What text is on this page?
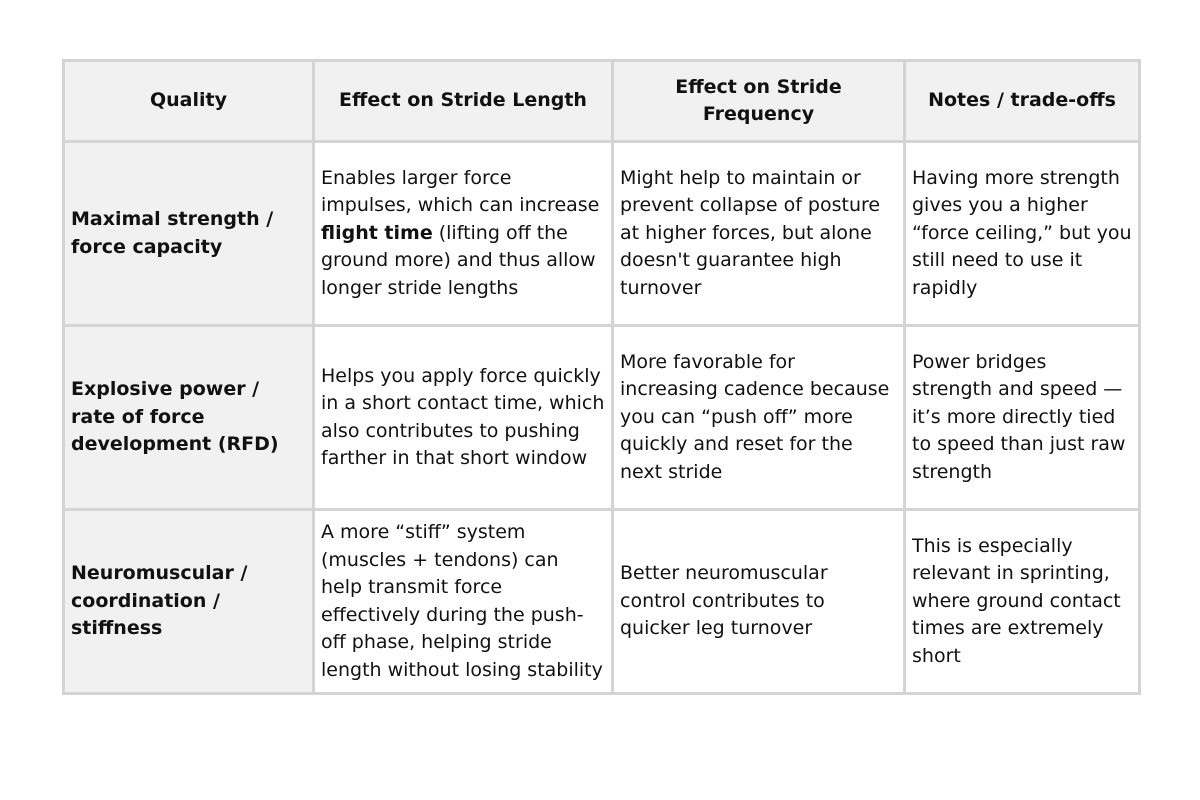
Quality	Effect on Stride Length	Effect on Stride Frequency	Notes / trade-offs
Maximal strength / force capacity	Enables larger force impulses, which can increase flight time (lifting off the ground more) and thus allow longer stride lengths	Might help to maintain or prevent collapse of posture at higher forces, but alone doesn't guarantee high turnover	Having more strength gives you a higher “force ceiling,” but you still need to use it rapidly
Explosive power / rate of force development (RFD)	Helps you apply force quickly in a short contact time, which also contributes to pushing farther in that short window	More favorable for increasing cadence because you can “push off” more quickly and reset for the next stride	Power bridges strength and speed — it’s more directly tied to speed than just raw strength
Neuromuscular / coordination / stiffness	A more “stiff” system (muscles + tendons) can help transmit force effectively during the push-off phase, helping stride length without losing stability	Better neuromuscular control contributes to quicker leg turnover	This is especially relevant in sprinting, where ground contact times are extremely short
